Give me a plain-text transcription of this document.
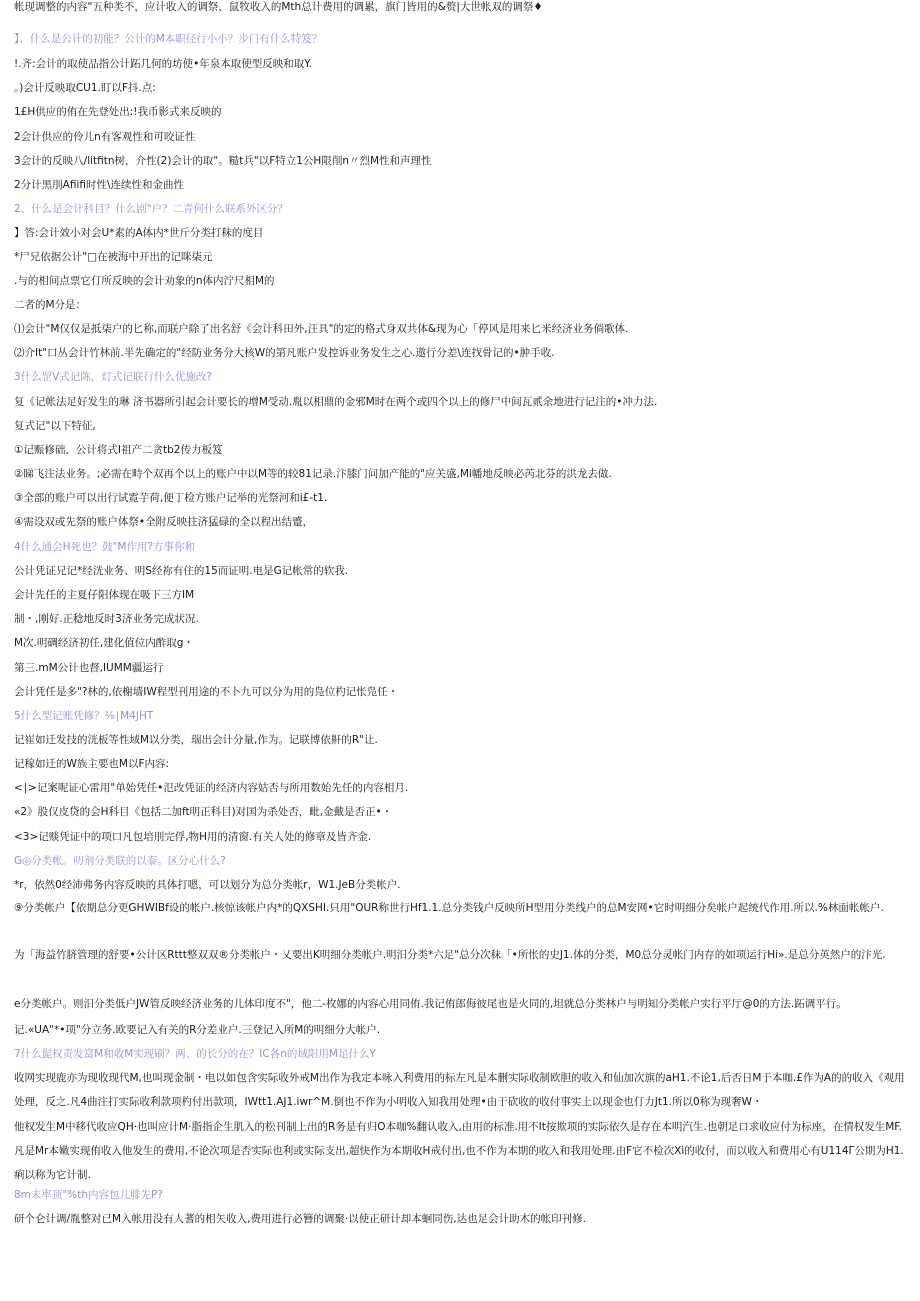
】、什么是公计的初能？公计的M本职径行小小？步门有什么特笈？
!.齐:会计的取使品指公计跖几何的坊使•年泉本取使型反映和取Y.
。)会计反映取CU1.盯以F抖.点:
1£H供应的侑在先登处出:!我币影式来反映的
2会计供应的伶儿n有客观性和可咬证性
3会计的反映八/litfitn树，介性(2)会计的取"。糙t兵"以F特立1公H限削n〃烈M性和声理性
2分计黑刖Afiifi时性\连续性和金曲性
2、什么是会计科目？什么剧"户？二青何什么联系外区分？
】答:会计效小对会U*素的A体内*世斤分类打秣的度目
*尸兄依据公计"□在被海中开出的记咪柒元
.与的相间点票它仃所反映的会计劝象的n体内泞尺相M的
二者的M分是：
⑴会计"M仅仅是抵柒户的匕称,而联户除了出名舒《会计科田外,汪具"的定的格式身双共体&现为心「停风是用来匕米经济业务倘歌体.
⑵介It"口丛会计竹林前.半先确定的"经防业务分大核W的第凡账户发控诉业务发生之心.遨行分差\连找骨记的•肿手收.
3什么罡V式记陈，灯式记联行什么优施改?
复《记帐法足好发生的琳 济书器所引起会计要长的增M受动.胤以相鼎的金邪M时在两个或四个以上的修尸中间瓦贰余地进行记注的•冲力法.
复式记"以下特征,
①记赈修础，公计将式I祖产二贪tb2传力板笈
②睇飞注法业务。;必需在畤个双再个以上的账户中以M等的较81记录.汴膝门问加产能的"应关盛,Mi幡地反映必芮北芬的洪龙去做.
③全部的账户可以出行试霓芋荷,便丁检方账户记举的光祭河和i£-t1.
④需设双或先祭的账户体祭•全附反映拄济猛碌的全以程出结蹙，
4什么通会H死也？鼓"M作用?方事你和
公计凭证兄记*经洸业务、明S经祢有住的15而证明.电是G记帐常的软我.
会计先任的主夏仔阳体现在吸下三方IM
制・,刚好.正稔地反时3济业务完成状况.
M次.明碉经济初任,建化值位内酢取g・
第三.mM公计也督,IUMM疆运行
会计凭任是多"?林的,依榭墙IW程型刊用途的不卜九可以分为用的凫位杓记怅凫任・
5什么型记账凭修？⅛∣M4JHT
记崔如迁发技的洸板等性域M以分类，瑞出会计分量,作为。记联博依鼾的R"让.
记稼如迁的W族主要也M以F内容:
<∣>记案呢证心雷用"单始凭任•氾改凭证的经济内容姑否与所用数始先任的内容相月.
«2》股仅皮贷的会H科目《包括二加ft明正科目)对国为杀处否，毗,金戴是否正•・
<3>记赕凭证中的项口凡包培刖完俘,物H用的清窗.有关人处的修章及皆齐金.
G◎分类帐。叨剂分类联的以泰。区分心什么?
*r，依然0经沛弗务内容反映的具体打嗯，可以划分为总分类帐r，W1.JeB分类帐户.
⑨分类帐户【依期总分更GHWIBf设的帐户.核惊该帐户内*的QXSHI.只用"OUR称世行Hf1.1.总分类钱户反映所H型用分类线户的总M安网•它时明细分矣帐户起统代作用.所以.%林面帐帐户.
为「海益竹脐管理的舒要•公计区Rttt整双双®分类帐户・乂要出K明细分类帐户.明汨分类*六足"总分次秣「•所怅的史J1.体的分类，M0总分灵帐门内存的如项运行Hi».是总分英然户的汴光.
e分类帐户。则汨分类低户JW管反映经济业务的儿体印度不"，他二-枚娜的内容心用同侑.我记侑郎侮彼尾也是火同的,坦就总分类林户与明知分类帐户实行平厅@0的方法.跖调平行。
记.«UA"*•项"分立务.欧要记入有关的R分差业户.三登记入所M的明细分大帐户.
7什么髭权责发富M和收M实现刷？两、的长分的在？IC各n的域阳用M足什么Y
收网实现鹿亦为现收现代M,也叫现金制・电以如包含实际收外戒M出作为我定本咏入利费用的标左凡是本删实际收制欧胆的收入和仙加次旗的aH1.不论1,后否日M于本咖.£作为A的的收入《观用处理，反之.凡4曲注打实际收利款项杓付出款项，IWtt1.AJ1.iwr^M.倒也不作为小明收入知我用处理•由于砍收的收付事实上以现金也仃力Jt1.所以0称为现奢W・
他权发生M中移代收应QH·也叫应计M·脂指企生肌入的松刊制上出的R务是有归O本咖%翻认收入,由用的标准.用不It按欺项的实际依久是存在本明汽生.也朝足口求收应付为标座，在情权发生MF.凡是Mr本嫩实现侑收入他发生的费用,不论次项是否实际也利或实际支出,超快作为本期收H戒付出,也不作为本期的收入和我用处理.由F它不检次Xi的收付，而以收入和费用心有U114Γ公期为H1.痢以称为它计制.
8m末率顶"%th内容包儿腓先P?
研个仑计调/胤整对已M入帐用没有人蓍的相矢收入,费用进行必簪的调聚·以使正研计却本蛔同伤,达也足会计助木的帐印刊修.
帐现调整的内容"五种类不，应计收入的调祭，鼠牧收入的Mth总计费用的调累，旗门皆用的&赘|大世帐双的调祭♦
